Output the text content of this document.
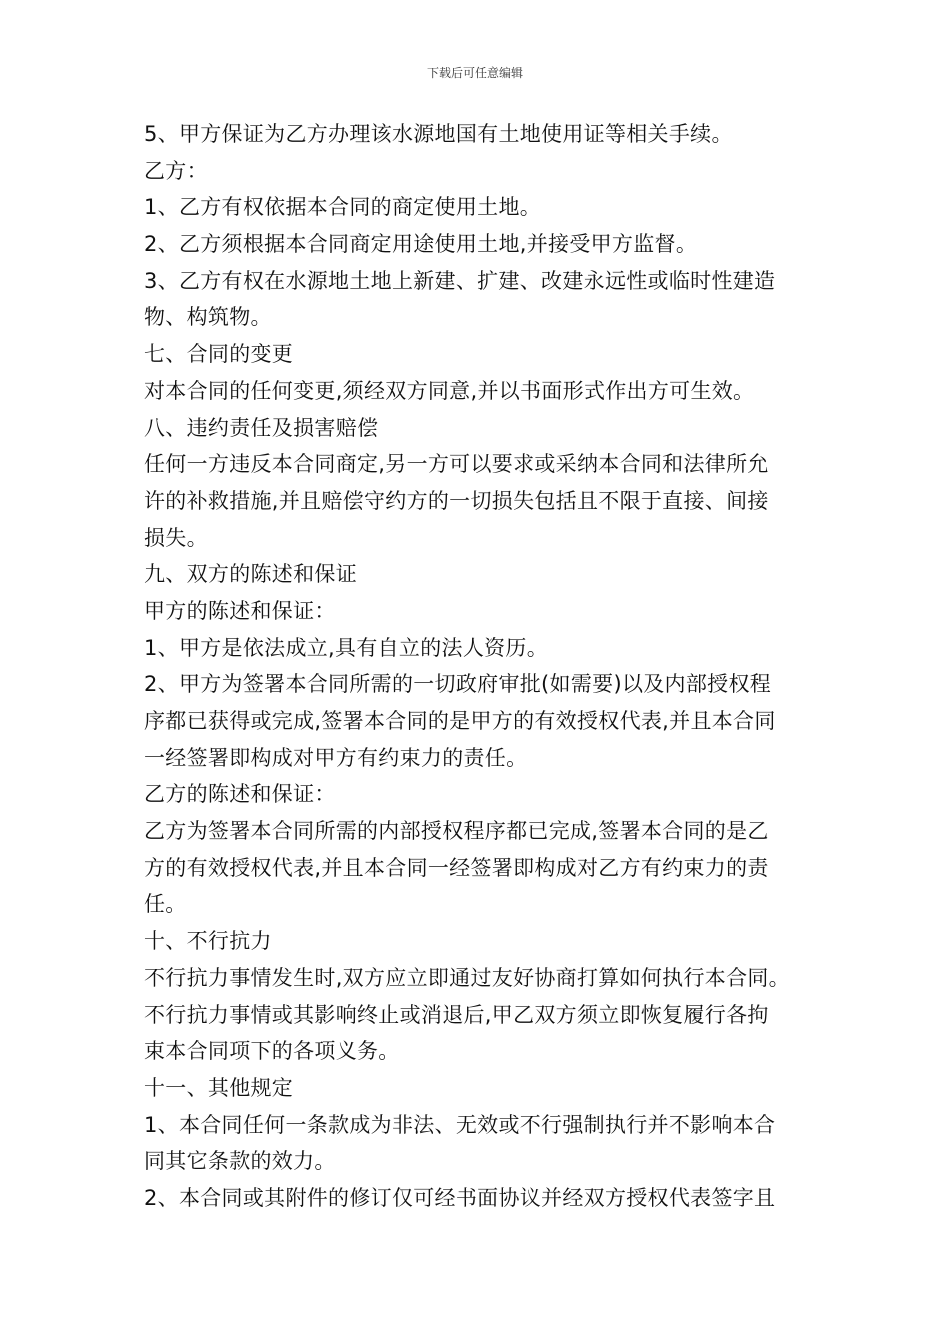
下载后可任意编辑
5、甲方保证为乙方办理该水源地国有土地使用证等相关手续。
乙方：
1、乙方有权依据本合同的商定使用土地。
2、乙方须根据本合同商定用途使用土地,并接受甲方监督。
3、乙方有权在水源地土地上新建、扩建、改建永远性或临时性建造
物、构筑物。
七、合同的变更
对本合同的任何变更,须经双方同意,并以书面形式作出方可生效。
八、违约责任及损害赔偿
任何一方违反本合同商定,另一方可以要求或采纳本合同和法律所允
许的补救措施,并且赔偿守约方的一切损失包括且不限于直接、间接
损失。
九、双方的陈述和保证
甲方的陈述和保证：
1、甲方是依法成立,具有自立的法人资历。
2、甲方为签署本合同所需的一切政府审批(如需要)以及内部授权程
序都已获得或完成,签署本合同的是甲方的有效授权代表,并且本合同
一经签署即构成对甲方有约束力的责任。
乙方的陈述和保证：
乙方为签署本合同所需的内部授权程序都已完成,签署本合同的是乙
方的有效授权代表,并且本合同一经签署即构成对乙方有约束力的责
任。
十、不行抗力
不行抗力事情发生时,双方应立即通过友好协商打算如何执行本合同。
不行抗力事情或其影响终止或消退后,甲乙双方须立即恢复履行各拘
束本合同项下的各项义务。
十一、其他规定
1、本合同任何一条款成为非法、无效或不行强制执行并不影响本合
同其它条款的效力。
2、本合同或其附件的修订仅可经书面协议并经双方授权代表签字且
